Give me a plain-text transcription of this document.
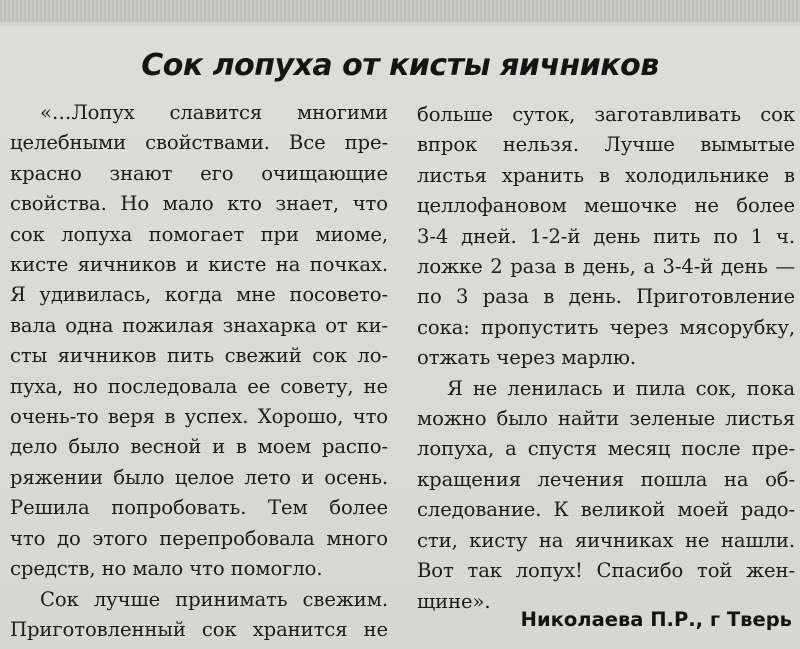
Сок лопуха от кисты яичников
«…Лопух славится многими
целебными свойствами. Все пре-
красно знают его очищающие
свойства. Но мало кто знает, что
сок лопуха помогает при миоме,
кисте яичников и кисте на почках.
Я удивилась, когда мне посовето-
вала одна пожилая знахарка от ки-
сты яичников пить свежий сок ло-
пуха, но последовала ее совету, не
очень-то веря в успех. Хорошо, что
дело было весной и в моем распо-
ряжении было целое лето и осень.
Решила попробовать. Тем более
что до этого перепробовала много
средств, но мало что помогло.
Сок лучше принимать свежим.
Приготовленный сок хранится не
больше суток, заготавливать сок
впрок нельзя. Лучше вымытые
листья хранить в холодильнике в
целлофановом мешочке не более
3-4 дней. 1-2-й день пить по 1 ч.
ложке 2 раза в день, а 3-4-й день —
по 3 раза в день. Приготовление
сока: пропустить через мясорубку,
отжать через марлю.
Я не ленилась и пила сок, пока
можно было найти зеленые листья
лопуха, а спустя месяц после пре-
кращения лечения пошла на об-
следование. К великой моей радо-
сти, кисту на яичниках не нашли.
Вот так лопух! Спасибо той жен-
щине».
Николаева П.Р., г Тверь
